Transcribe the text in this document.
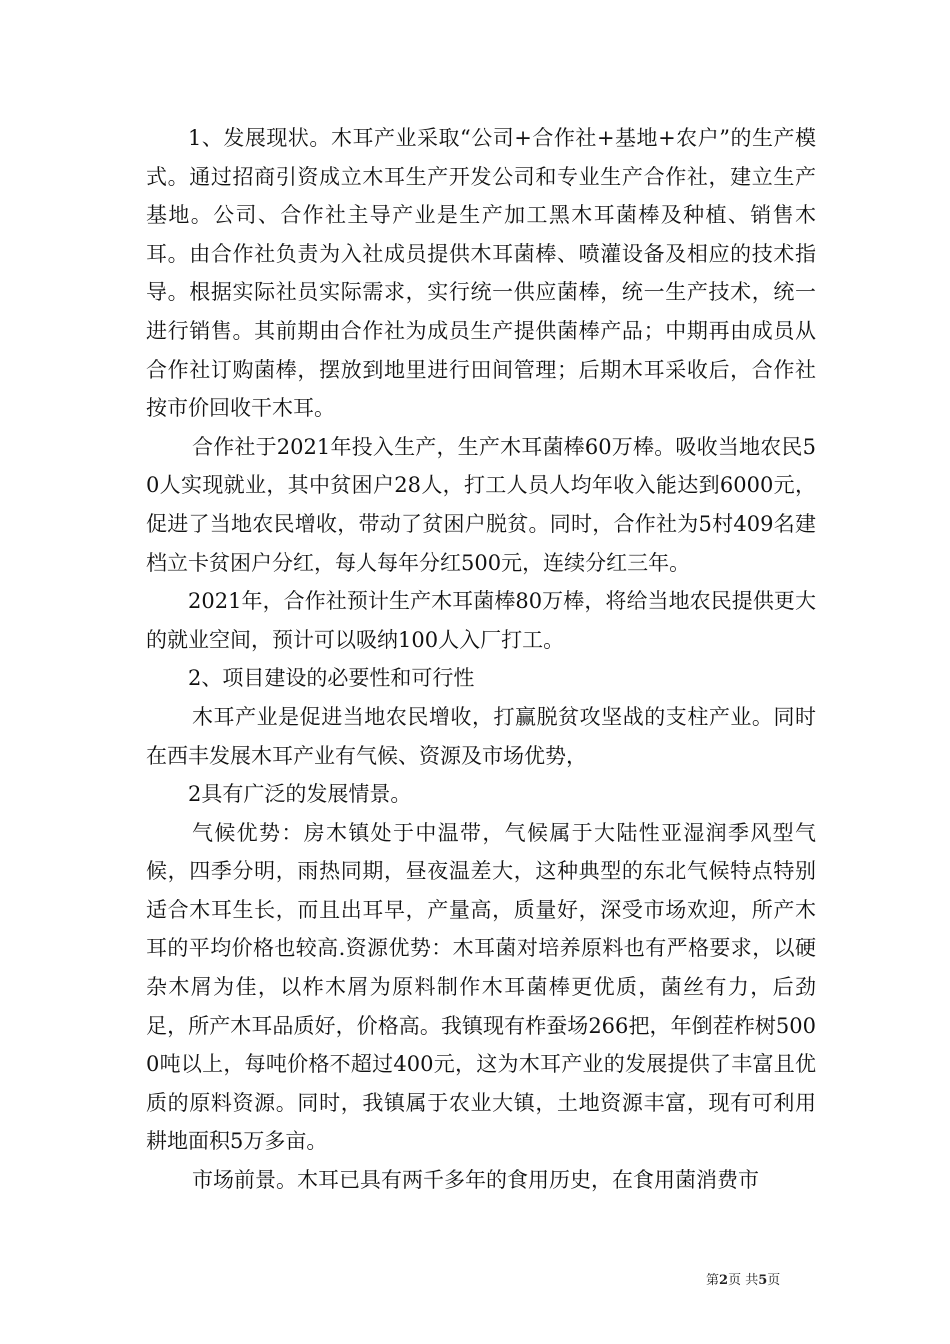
1、发展现状。木耳产业采取“公司+合作社+基地+农户”的生产模式。通过招商引资成立木耳生产开发公司和专业生产合作社，建立生产基地。公司、合作社主导产业是生产加工黑木耳菌棒及种植、销售木耳。由合作社负责为入社成员提供木耳菌棒、喷灌设备及相应的技术指导。根据实际社员实际需求，实行统一供应菌棒，统一生产技术，统一进行销售。其前期由合作社为成员生产提供菌棒产品；中期再由成员从合作社订购菌棒，摆放到地里进行田间管理；后期木耳采收后，合作社按市价回收干木耳。

合作社于2021年投入生产，生产木耳菌棒60万棒。吸收当地农民50人实现就业，其中贫困户28人，打工人员人均年收入能达到6000元，促进了当地农民增收，带动了贫困户脱贫。同时，合作社为5村409名建档立卡贫困户分红，每人每年分红500元，连续分红三年。

2021年，合作社预计生产木耳菌棒80万棒，将给当地农民提供更大的就业空间，预计可以吸纳100人入厂打工。

2、项目建设的必要性和可行性

木耳产业是促进当地农民增收，打赢脱贫攻坚战的支柱产业。同时在西丰发展木耳产业有气候、资源及市场优势，

2具有广泛的发展情景。

气候优势：房木镇处于中温带，气候属于大陆性亚湿润季风型气候，四季分明，雨热同期，昼夜温差大，这种典型的东北气候特点特别适合木耳生长，而且出耳早，产量高，质量好，深受市场欢迎，所产木耳的平均价格也较高.资源优势：木耳菌对培养原料也有严格要求，以硬杂木屑为佳，以柞木屑为原料制作木耳菌棒更优质，菌丝有力，后劲足，所产木耳品质好，价格高。我镇现有柞蚕场266把，年倒茬柞树5000吨以上，每吨价格不超过400元，这为木耳产业的发展提供了丰富且优质的原料资源。同时，我镇属于农业大镇，土地资源丰富，现有可利用耕地面积5万多亩。

市场前景。木耳已具有两千多年的食用历史，在食用菌消费市

第2页 共5页
